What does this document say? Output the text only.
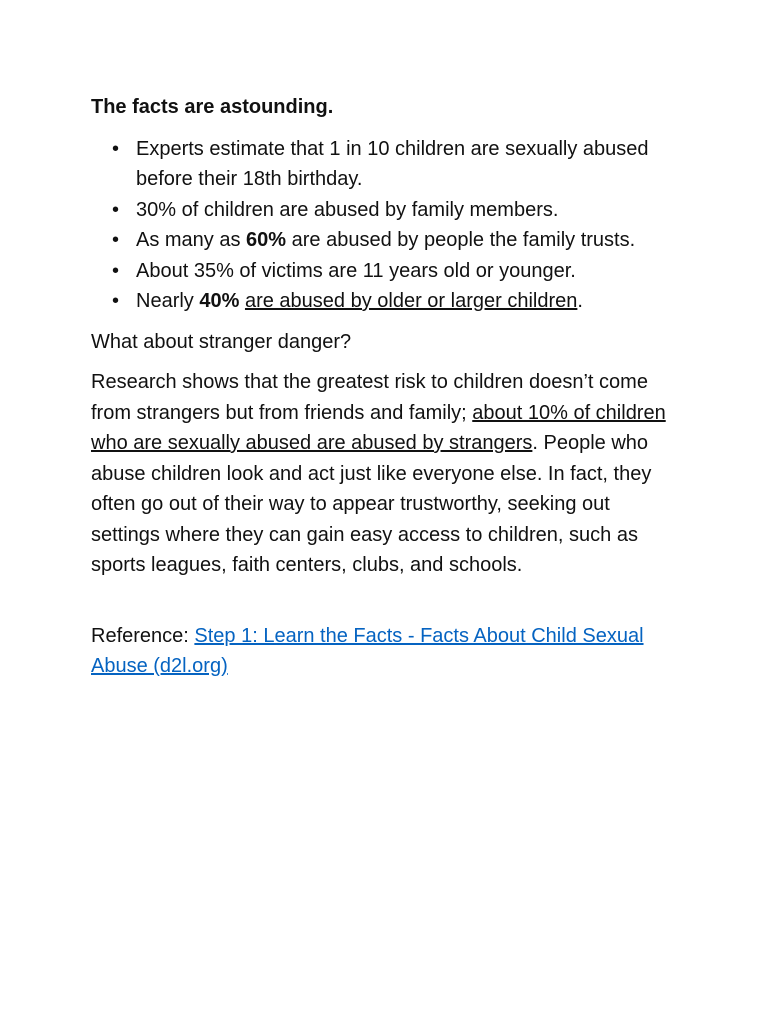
The facts are astounding.
• Experts estimate that 1 in 10 children are sexually abused before their 18th birthday.
• 30% of children are abused by family members.
• As many as 60% are abused by people the family trusts.
• About 35% of victims are 11 years old or younger.
• Nearly 40% are abused by older or larger children.

What about stranger danger?

Research shows that the greatest risk to children doesn’t come from strangers but from friends and family; about 10% of children who are sexually abused are abused by strangers. People who abuse children look and act just like everyone else. In fact, they often go out of their way to appear trustworthy, seeking out settings where they can gain easy access to children, such as sports leagues, faith centers, clubs, and schools.

Reference: Step 1: Learn the Facts - Facts About Child Sexual Abuse (d2l.org)
